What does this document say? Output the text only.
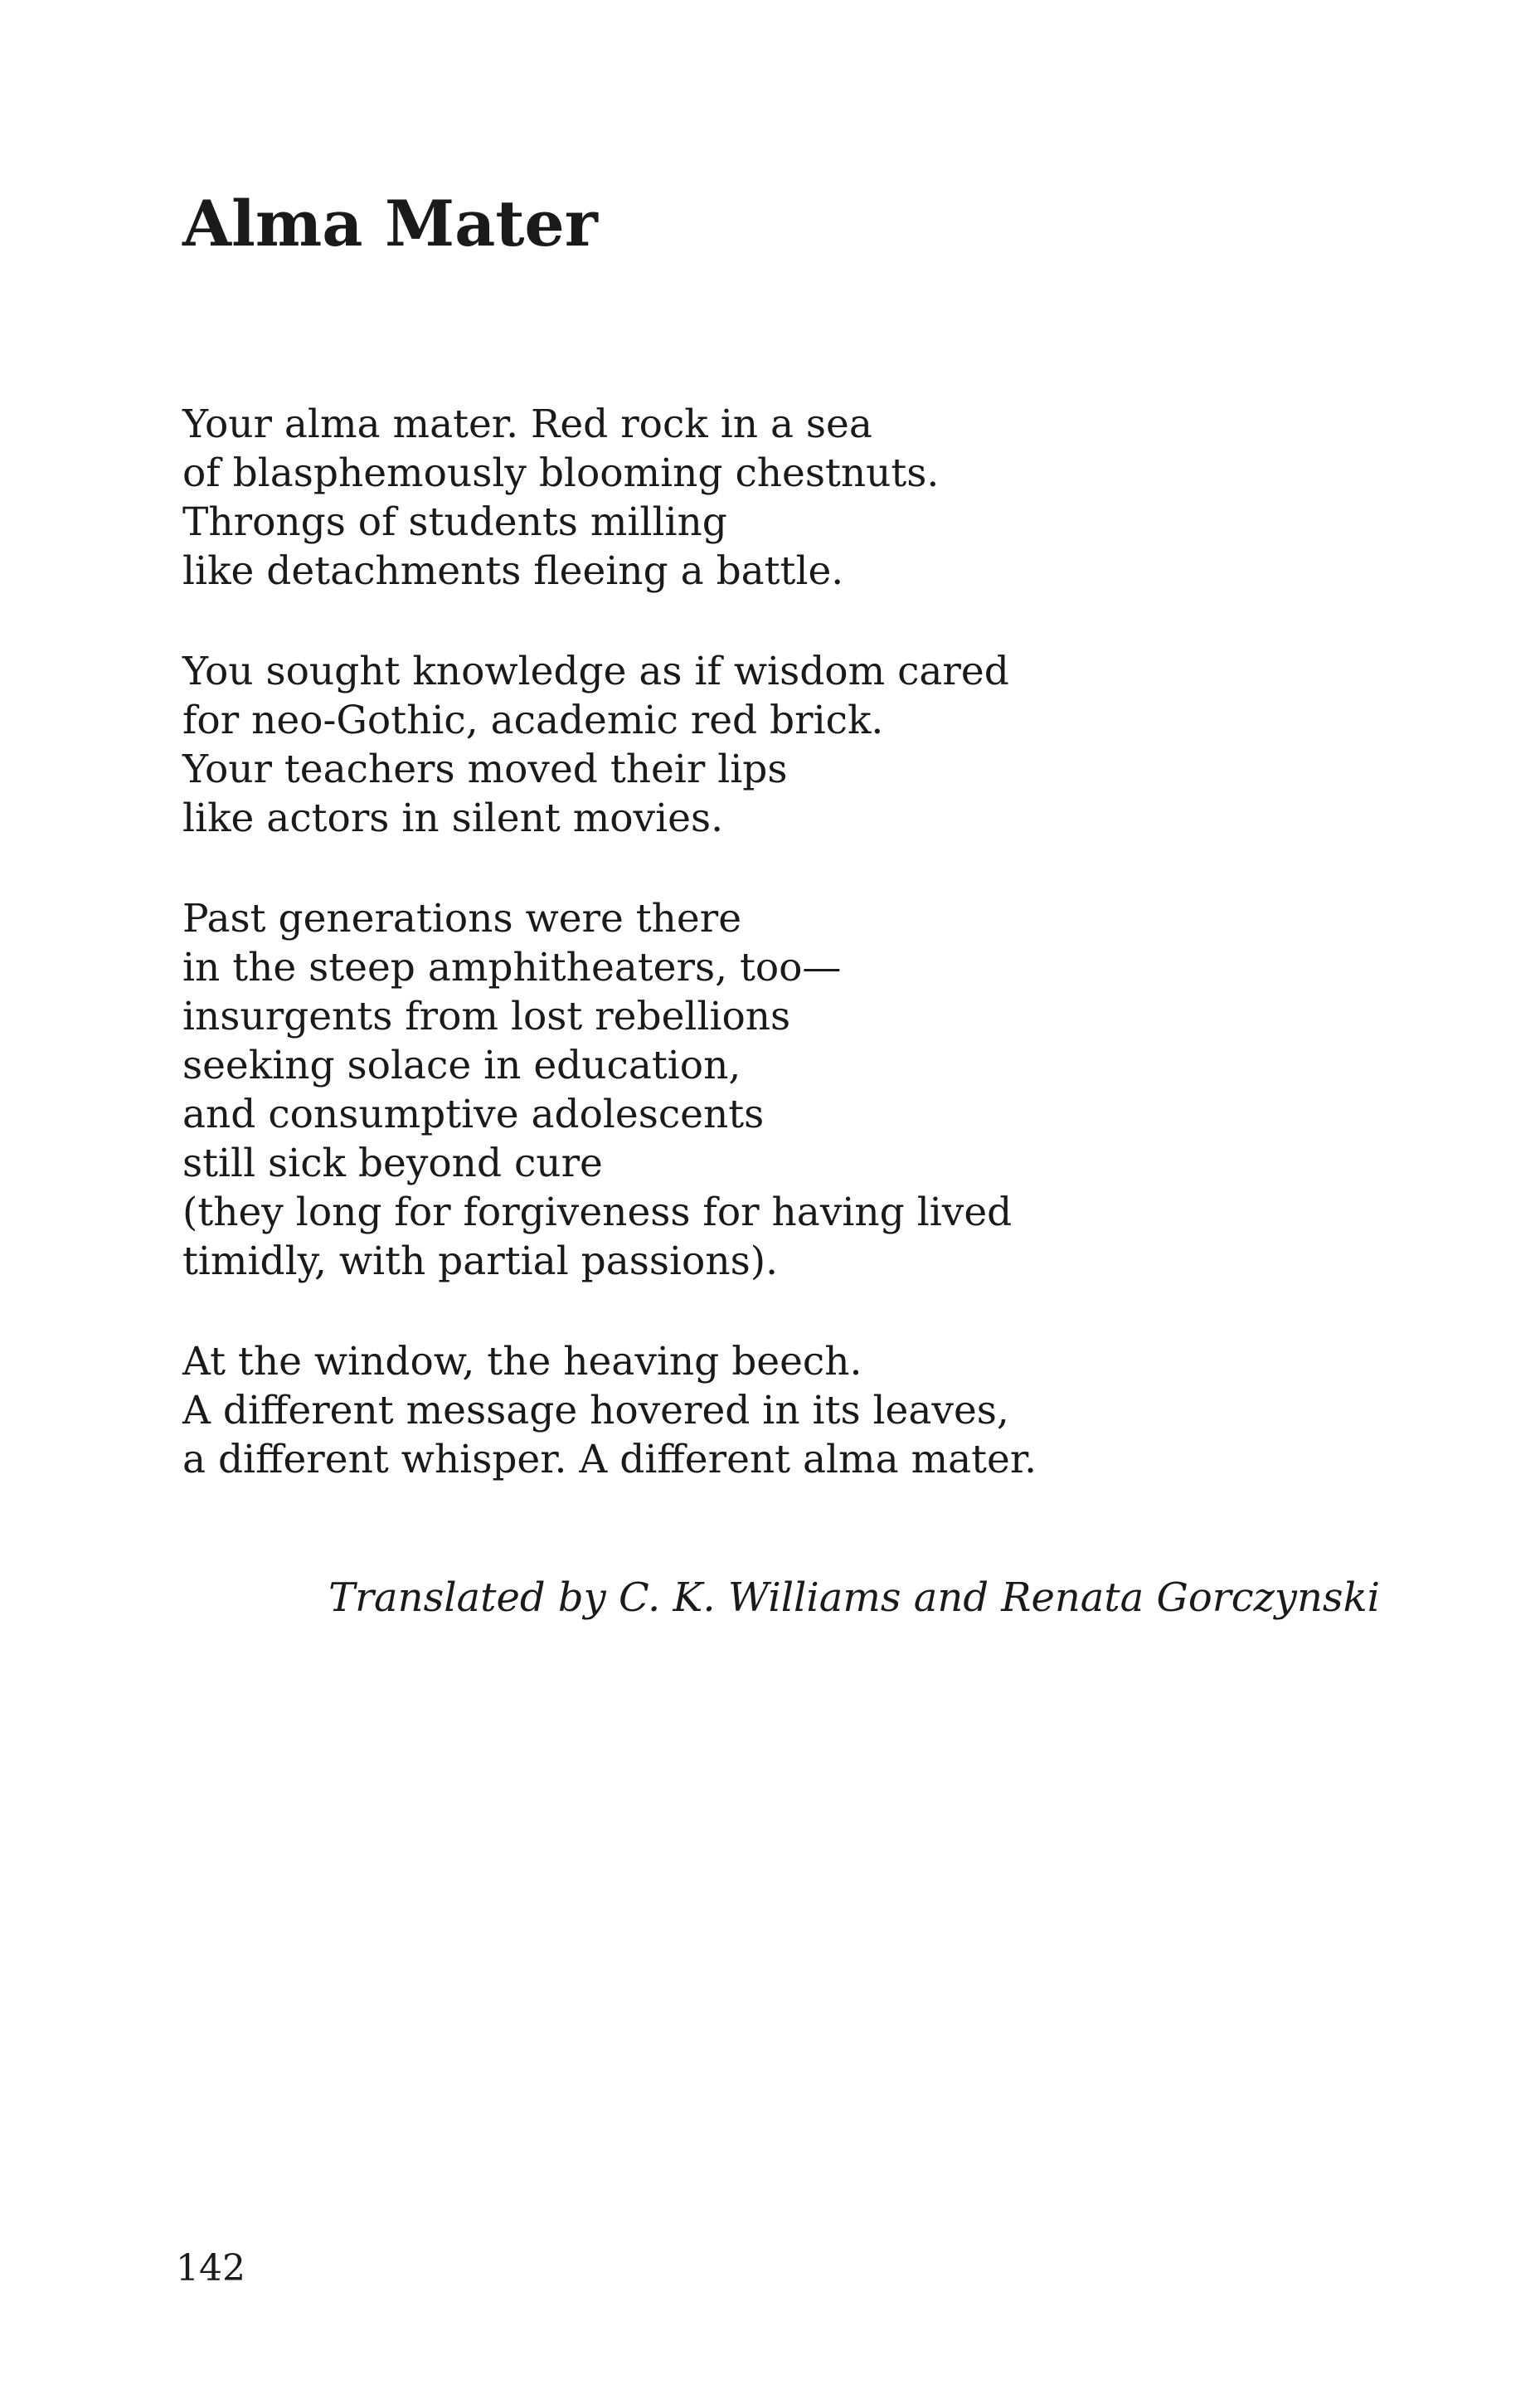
Alma Mater
Your alma mater. Red rock in a sea
of blasphemously blooming chestnuts.
Throngs of students milling
like detachments fleeing a battle.
You sought knowledge as if wisdom cared
for neo-Gothic, academic red brick.
Your teachers moved their lips
like actors in silent movies.
Past generations were there
in the steep amphitheaters, too—
insurgents from lost rebellions
seeking solace in education,
and consumptive adolescents
still sick beyond cure
(they long for forgiveness for having lived
timidly, with partial passions).
At the window, the heaving beech.
A different message hovered in its leaves,
a different whisper. A different alma mater.
Translated by C. K. Williams and Renata Gorczynski
142
